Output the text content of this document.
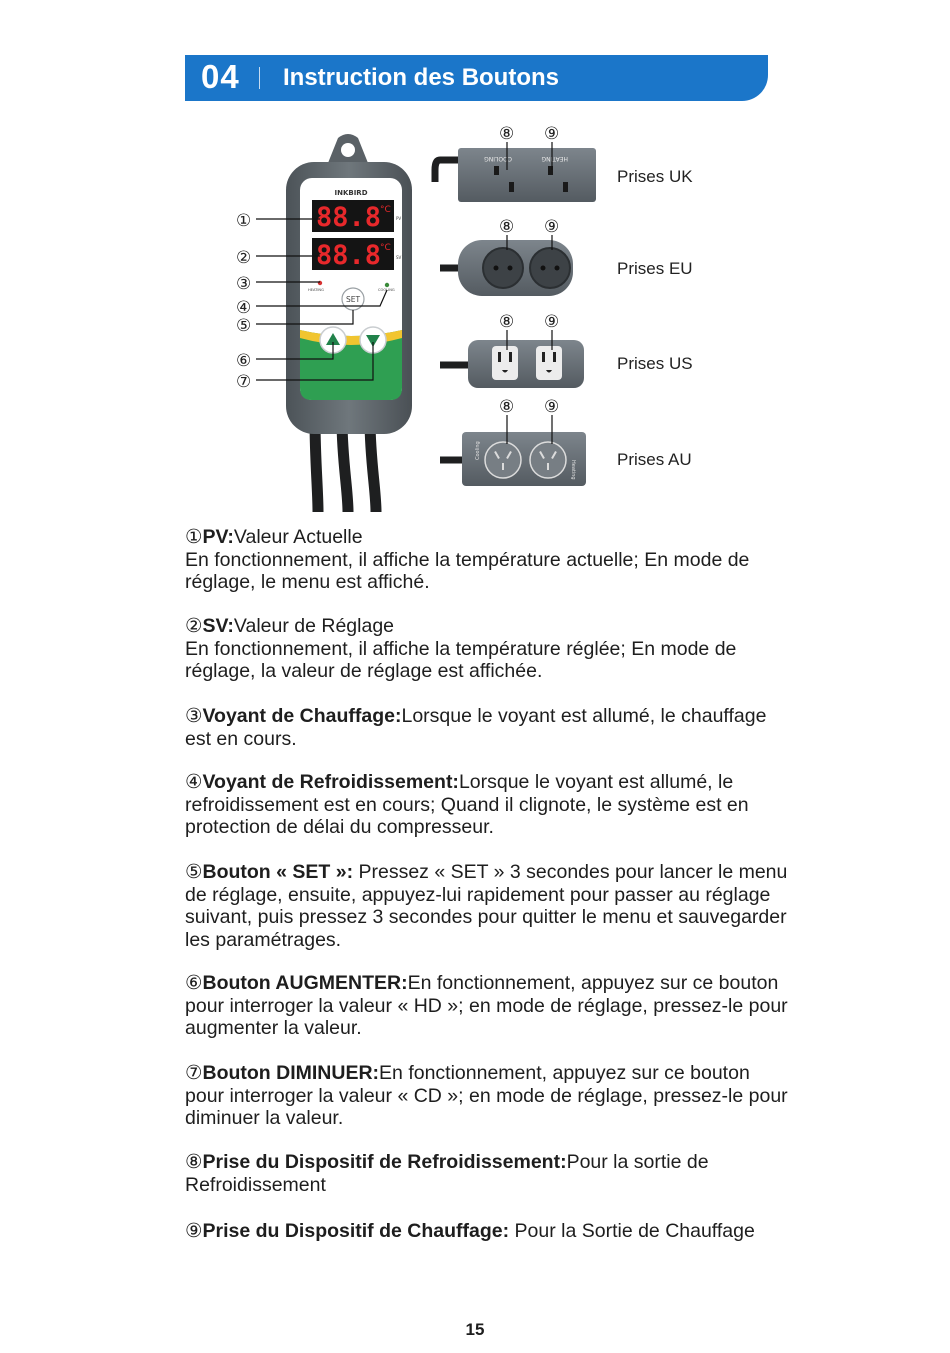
04 Instruction des Boutons
INKBIRD
88.8
°C
PV
88.8
°C
SV
HEATING	COOLING
SET
①
②
③
④
⑤
⑥
⑦
COOLING	HEATING
Cooling
Heating
⑧ ⑨
⑧ ⑨
⑧ ⑨
⑧ ⑨
Prises UK
Prises EU
Prises US
Prises AU

①PV:Valeur Actuelle

En fonctionnement, il affiche la température actuelle; En mode de réglage, le menu est affiché.

②SV:Valeur de Réglage

En fonctionnement, il affiche la température réglée; En mode de réglage, la valeur de réglage est affichée.

③Voyant de Chauffage:Lorsque le voyant est allumé, le chauffage est en cours.

④Voyant de Refroidissement:Lorsque le voyant est allumé, le refroidissement est en cours; Quand il clignote, le système est en protection de délai du compresseur.

⑤Bouton « SET »: Pressez « SET » 3 secondes pour lancer le menu de réglage, ensuite, appuyez-lui rapidement pour passer au réglage suivant, puis pressez 3 secondes pour quitter le menu et sauvegarder les paramétrages.

⑥Bouton AUGMENTER:En fonctionnement, appuyez sur ce bouton pour interroger la valeur « HD »; en mode de réglage, pressez-le pour augmenter la valeur.

⑦Bouton DIMINUER:En fonctionnement, appuyez sur ce bouton pour interroger la valeur « CD »; en mode de réglage, pressez-le pour diminuer la valeur.

⑧Prise du Dispositif de Refroidissement:Pour la sortie de Refroidissement

⑨Prise du Dispositif de Chauffage: Pour la Sortie de Chauffage

15
